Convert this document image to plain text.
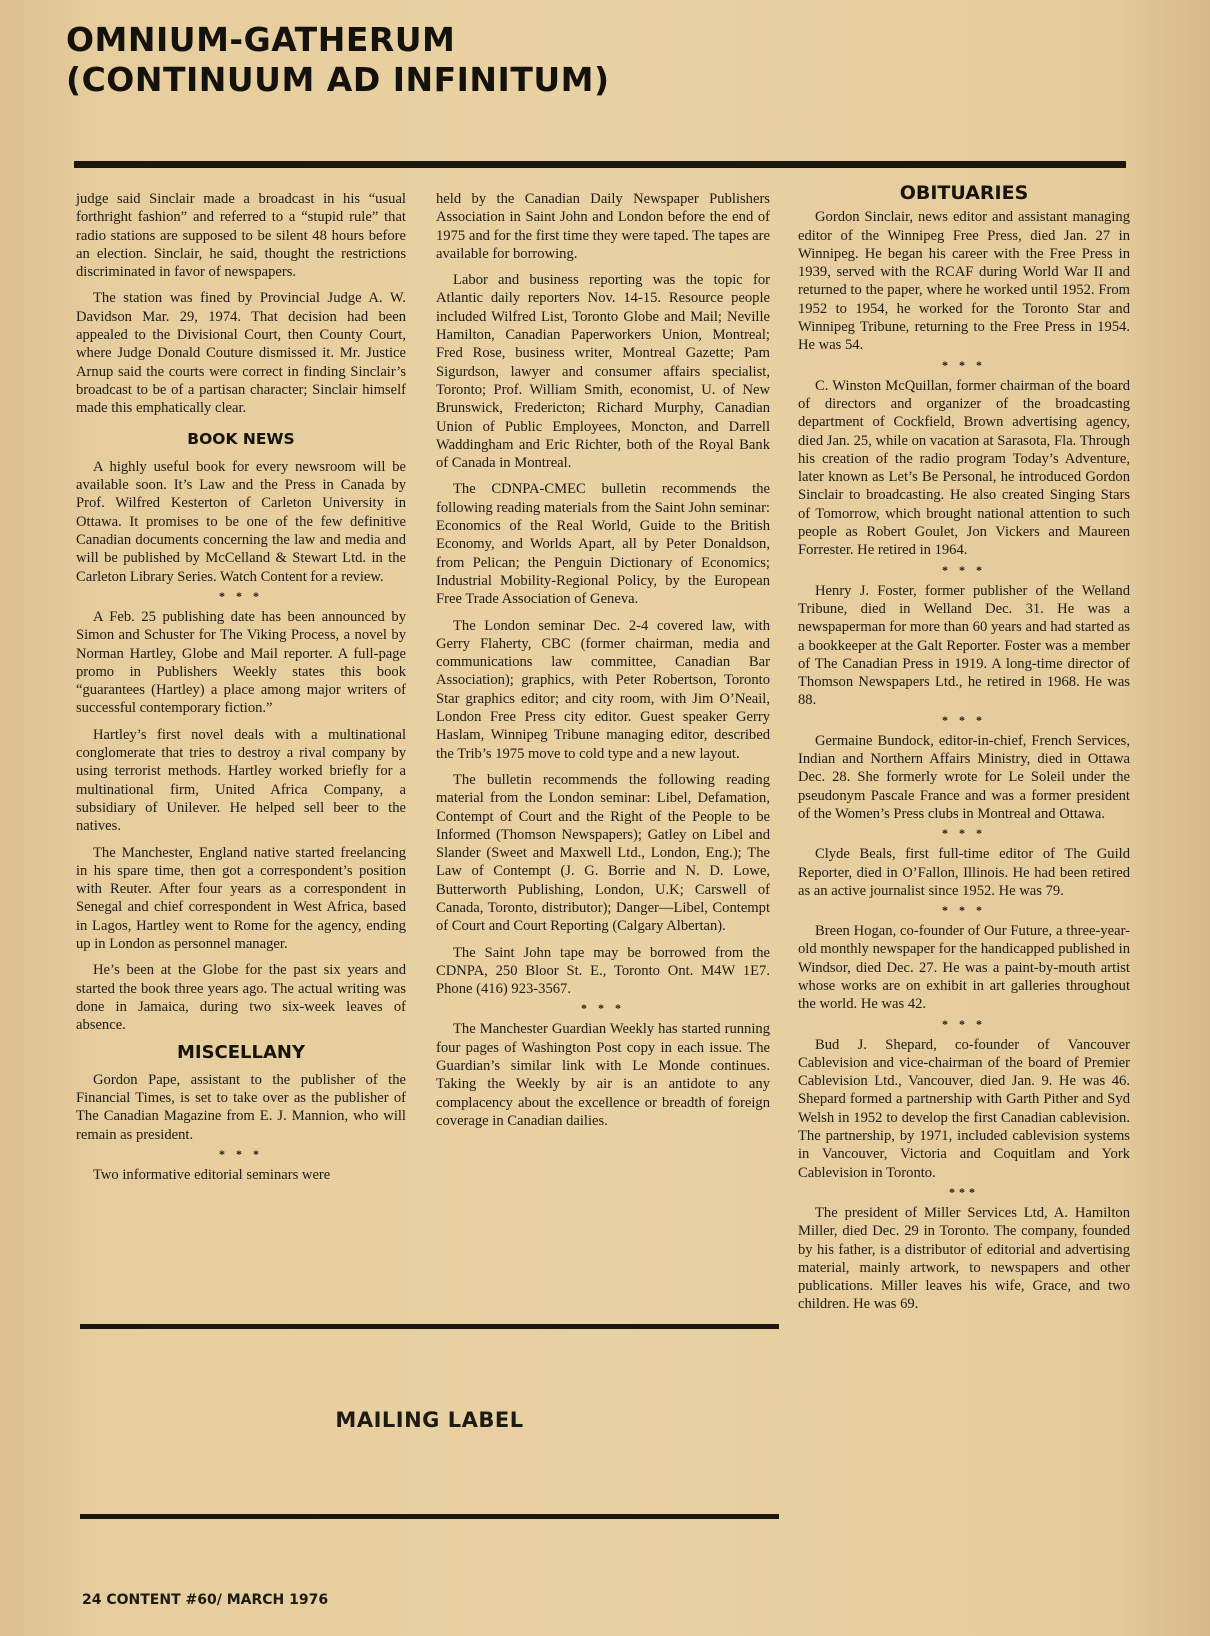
OMNIUM-GATHERUM
(CONTINUUM AD INFINITUM)

judge said Sinclair made a broadcast in his “usual forthright fashion” and referred to a “stupid rule” that radio stations are supposed to be silent 48 hours before an election. Sinclair, he said, thought the restrictions discriminated in favor of newspapers.

The station was fined by Provincial Judge A. W. Davidson Mar. 29, 1974. That decision had been appealed to the Divisional Court, then County Court, where Judge Donald Couture dismissed it. Mr. Justice Arnup said the courts were correct in finding Sinclair’s broadcast to be of a partisan character; Sinclair himself made this emphatically clear.

BOOK NEWS

A highly useful book for every newsroom will be available soon. It’s Law and the Press in Canada by Prof. Wilfred Kesterton of Carleton University in Ottawa. It promises to be one of the few definitive Canadian documents concerning the law and media and will be published by McCelland & Stewart Ltd. in the Carleton Library Series. Watch Content for a review.

* * *

A Feb. 25 publishing date has been announced by Simon and Schuster for The Viking Process, a novel by Norman Hartley, Globe and Mail reporter. A full-page promo in Publishers Weekly states this book “guarantees (Hartley) a place among major writers of successful contemporary fiction.”

Hartley’s first novel deals with a multinational conglomerate that tries to destroy a rival company by using terrorist methods. Hartley worked briefly for a multinational firm, United Africa Company, a subsidiary of Unilever. He helped sell beer to the natives.

The Manchester, England native started freelancing in his spare time, then got a correspondent’s position with Reuter. After four years as a correspondent in Senegal and chief correspondent in West Africa, based in Lagos, Hartley went to Rome for the agency, ending up in London as personnel manager.

He’s been at the Globe for the past six years and started the book three years ago. The actual writing was done in Jamaica, during two six-week leaves of absence.

MISCELLANY

Gordon Pape, assistant to the publisher of the Financial Times, is set to take over as the publisher of The Canadian Magazine from E. J. Mannion, who will remain as president.

* * *

Two informative editorial seminars were

held by the Canadian Daily Newspaper Publishers Association in Saint John and London before the end of 1975 and for the first time they were taped. The tapes are available for borrowing.

Labor and business reporting was the topic for Atlantic daily reporters Nov. 14-15. Resource people included Wilfred List, Toronto Globe and Mail; Neville Hamilton, Canadian Paperworkers Union, Montreal; Fred Rose, business writer, Montreal Gazette; Pam Sigurdson, lawyer and consumer affairs specialist, Toronto; Prof. William Smith, economist, U. of New Brunswick, Fredericton; Richard Murphy, Canadian Union of Public Employees, Moncton, and Darrell Waddingham and Eric Richter, both of the Royal Bank of Canada in Montreal.

The CDNPA-CMEC bulletin recommends the following reading materials from the Saint John seminar: Economics of the Real World, Guide to the British Economy, and Worlds Apart, all by Peter Donaldson, from Pelican; the Penguin Dictionary of Economics; Industrial Mobility-Regional Policy, by the European Free Trade Association of Geneva.

The London seminar Dec. 2-4 covered law, with Gerry Flaherty, CBC (former chairman, media and communications law committee, Canadian Bar Association); graphics, with Peter Robertson, Toronto Star graphics editor; and city room, with Jim O’Neail, London Free Press city editor. Guest speaker Gerry Haslam, Winnipeg Tribune managing editor, described the Trib’s 1975 move to cold type and a new layout.

The bulletin recommends the following reading material from the London seminar: Libel, Defamation, Contempt of Court and the Right of the People to be Informed (Thomson Newspapers); Gatley on Libel and Slander (Sweet and Maxwell Ltd., London, Eng.); The Law of Contempt (J. G. Borrie and N. D. Lowe, Butterworth Publishing, London, U.K; Carswell of Canada, Toronto, distributor); Danger—Libel, Contempt of Court and Court Reporting (Calgary Albertan).

The Saint John tape may be borrowed from the CDNPA, 250 Bloor St. E., Toronto Ont. M4W 1E7. Phone (416) 923-3567.

* * *

The Manchester Guardian Weekly has started running four pages of Washington Post copy in each issue. The Guardian’s similar link with Le Monde continues. Taking the Weekly by air is an antidote to any complacency about the excellence or breadth of foreign coverage in Canadian dailies.

OBITUARIES

Gordon Sinclair, news editor and assistant managing editor of the Winnipeg Free Press, died Jan. 27 in Winnipeg. He began his career with the Free Press in 1939, served with the RCAF during World War II and returned to the paper, where he worked until 1952. From 1952 to 1954, he worked for the Toronto Star and Winnipeg Tribune, returning to the Free Press in 1954. He was 54.

* * *

C. Winston McQuillan, former chairman of the board of directors and organizer of the broadcasting department of Cockfield, Brown advertising agency, died Jan. 25, while on vacation at Sarasota, Fla. Through his creation of the radio program Today’s Adventure, later known as Let’s Be Personal, he introduced Gordon Sinclair to broadcasting. He also created Singing Stars of Tomorrow, which brought national attention to such people as Robert Goulet, Jon Vickers and Maureen Forrester. He retired in 1964.

* * *

Henry J. Foster, former publisher of the Welland Tribune, died in Welland Dec. 31. He was a newspaperman for more than 60 years and had started as a bookkeeper at the Galt Reporter. Foster was a member of The Canadian Press in 1919. A long-time director of Thomson Newspapers Ltd., he retired in 1968. He was 88.

* * *

Germaine Bundock, editor-in-chief, French Services, Indian and Northern Affairs Ministry, died in Ottawa Dec. 28. She formerly wrote for Le Soleil under the pseudonym Pascale France and was a former president of the Women’s Press clubs in Montreal and Ottawa.

* * *

Clyde Beals, first full-time editor of The Guild Reporter, died in O’Fallon, Illinois. He had been retired as an active journalist since 1952. He was 79.

* * *

Breen Hogan, co-founder of Our Future, a three-year-old monthly newspaper for the handicapped published in Windsor, died Dec. 27. He was a paint-by-mouth artist whose works are on exhibit in art galleries throughout the world. He was 42.

* * *

Bud J. Shepard, co-founder of Vancouver Cablevision and vice-chairman of the board of Premier Cablevision Ltd., Vancouver, died Jan. 9. He was 46. Shepard formed a partnership with Garth Pither and Syd Welsh in 1952 to develop the first Canadian cablevision. The partnership, by 1971, included cablevision systems in Vancouver, Victoria and Coquitlam and York Cablevision in Toronto.

***

The president of Miller Services Ltd, A. Hamilton Miller, died Dec. 29 in Toronto. The company, founded by his father, is a distributor of editorial and advertising material, mainly artwork, to newspapers and other publications. Miller leaves his wife, Grace, and two children. He was 69.

MAILING LABEL
24 CONTENT #60/ MARCH 1976
